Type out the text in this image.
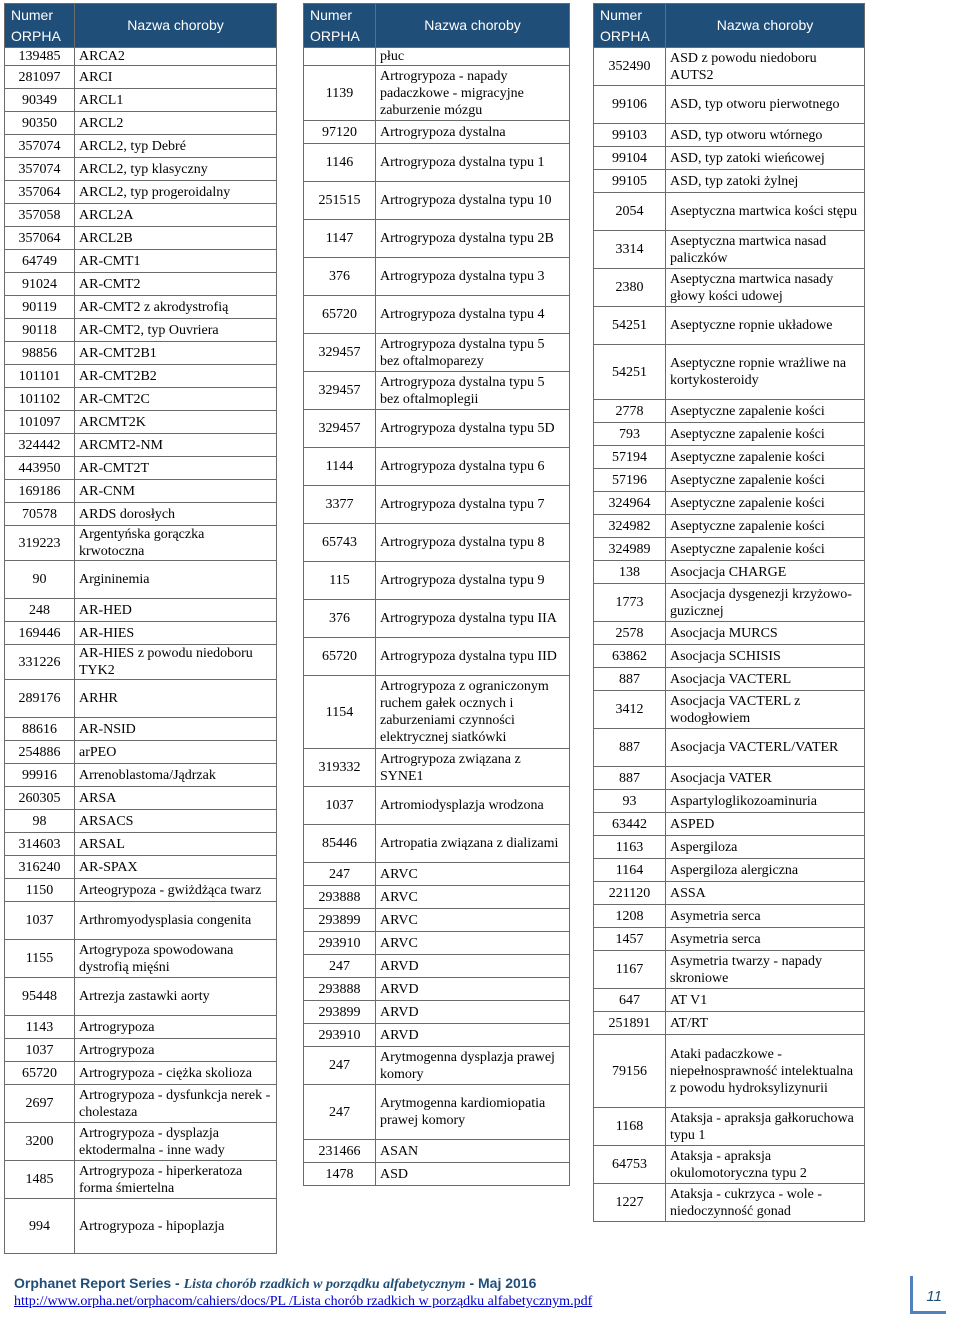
Numer
ORPHA	Nazwa choroby
139485	ARCA2
281097	ARCI
90349	ARCL1
90350	ARCL2
357074	ARCL2, typ Debré
357074	ARCL2, typ klasyczny
357064	ARCL2, typ progeroidalny
357058	ARCL2A
357064	ARCL2B
64749	AR-CMT1
91024	AR-CMT2
90119	AR-CMT2 z akrodystrofią
90118	AR-CMT2, typ Ouvriera
98856	AR-CMT2B1
101101	AR-CMT2B2
101102	AR-CMT2C
101097	ARCMT2K
324442	ARCMT2-NM
443950	AR-CMT2T
169186	AR-CNM
70578	ARDS dorosłych
319223	Argentyńska gorączka krwotoczna
90	Argininemia
248	AR-HED
169446	AR-HIES
331226	AR-HIES z powodu niedoboru TYK2
289176	ARHR
88616	AR-NSID
254886	arPEO
99916	Arrenoblastoma/Jądrzak
260305	ARSA
98	ARSACS
314603	ARSAL
316240	AR-SPAX
1150	Arteogrypoza - gwiżdżąca twarz
1037	Arthromyodysplasia congenita
1155	Artogrypoza spowodowana dystrofią mięśni
95448	Artrezja zastawki aorty
1143	Artrogrypoza
1037	Artrogrypoza
65720	Artrogrypoza - ciężka skolioza
2697	Artrogrypoza - dysfunkcja nerek - cholestaza
3200	Artrogrypoza - dysplazja ektodermalna - inne wady
1485	Artrogrypoza - hiperkeratoza forma śmiertelna
994	Artrogrypoza - hipoplazja
Numer
ORPHA	Nazwa choroby
	płuc
1139	Artrogrypoza - napady padaczkowe - migracyjne zaburzenie mózgu
97120	Artrogrypoza dystalna
1146	Artrogrypoza dystalna typu 1
251515	Artrogrypoza dystalna typu 10
1147	Artrogrypoza dystalna typu 2B
376	Artrogrypoza dystalna typu 3
65720	Artrogrypoza dystalna typu 4
329457	Artrogrypoza dystalna typu 5 bez oftalmoparezy
329457	Artrogrypoza dystalna typu 5 bez oftalmoplegii
329457	Artrogrypoza dystalna typu 5D
1144	Artrogrypoza dystalna typu 6
3377	Artrogrypoza dystalna typu 7
65743	Artrogrypoza dystalna typu 8
115	Artrogrypoza dystalna typu 9
376	Artrogrypoza dystalna typu IIA
65720	Artrogrypoza dystalna typu IID
1154	Artrogrypoza z ograniczonym ruchem gałek ocznych i zaburzeniami czynności elektrycznej siatkówki
319332	Artrogrypoza związana z SYNE1
1037	Artromiodysplazja wrodzona
85446	Artropatia związana z dializami
247	ARVC
293888	ARVC
293899	ARVC
293910	ARVC
247	ARVD
293888	ARVD
293899	ARVD
293910	ARVD
247	Arytmogenna dysplazja prawej komory
247	Arytmogenna kardiomiopatia prawej komory
231466	ASAN
1478	ASD
Numer
ORPHA	Nazwa choroby
352490	ASD z powodu niedoboru AUTS2
99106	ASD, typ otworu pierwotnego
99103	ASD, typ otworu wtórnego
99104	ASD, typ zatoki wieńcowej
99105	ASD, typ zatoki żylnej
2054	Aseptyczna martwica kości stępu
3314	Aseptyczna martwica nasad paliczków
2380	Aseptyczna martwica nasady głowy kości udowej
54251	Aseptyczne ropnie układowe
54251	Aseptyczne ropnie wrażliwe na kortykosteroidy
2778	Aseptyczne zapalenie kości
793	Aseptyczne zapalenie kości
57194	Aseptyczne zapalenie kości
57196	Aseptyczne zapalenie kości
324964	Aseptyczne zapalenie kości
324982	Aseptyczne zapalenie kości
324989	Aseptyczne zapalenie kości
138	Asocjacja CHARGE
1773	Asocjacja dysgenezji krzyżowo-guzicznej
2578	Asocjacja MURCS
63862	Asocjacja SCHISIS
887	Asocjacja VACTERL
3412	Asocjacja VACTERL z wodogłowiem
887	Asocjacja VACTERL/VATER
887	Asocjacja VATER
93	Aspartyloglikozoaminuria
63442	ASPED
1163	Aspergiloza
1164	Aspergiloza alergiczna
221120	ASSA
1208	Asymetria serca
1457	Asymetria serca
1167	Asymetria twarzy - napady skroniowe
647	AT V1
251891	AT/RT
79156	Ataki padaczkowe - niepełnosprawność intelektualna z powodu hydroksylizynurii
1168	Ataksja - apraksja gałkoruchowa typu 1
64753	Ataksja - apraksja okulomotoryczna typu 2
1227	Ataksja - cukrzyca - wole - niedoczynność gonad
Orphanet Report Series - Lista chorób rzadkich w porządku alfabetycznym - Maj 2016
http://www.orpha.net/orphacom/cahiers/docs/PL /Lista chorób rzadkich w porządku alfabetycznym.pdf	11
